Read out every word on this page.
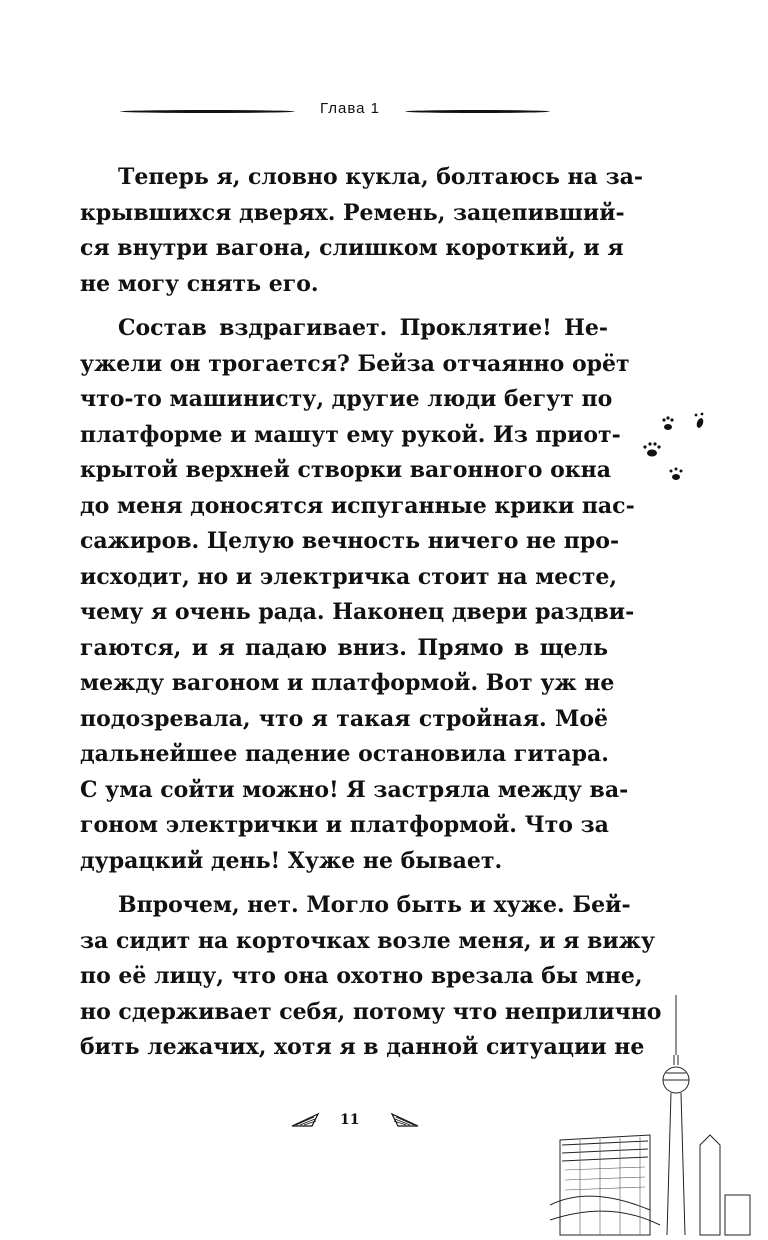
Глава 1
Теперь я, словно кукла, болтаюсь на за-
крывшихся дверях. Ремень, зацепивший-
ся внутри вагона, слишком короткий, и я
не могу снять его.
Состав вздрагивает. Проклятие! Не-
ужели он трогается? Бейза отчаянно орёт
что-то машинисту, другие люди бегут по
платформе и машут ему рукой. Из приот-
крытой верхней створки вагонного окна
до меня доносятся испуганные крики пас-
сажиров. Целую вечность ничего не про-
исходит, но и электричка стоит на месте,
чему я очень рада. Наконец двери раздви-
гаются, и я падаю вниз. Прямо в щель
между вагоном и платформой. Вот уж не
подозревала, что я такая стройная. Моё
дальнейшее падение остановила гитара.
С ума сойти можно! Я застряла между ва-
гоном электрички и платформой. Что за
дурацкий день! Хуже не бывает.
Впрочем, нет. Могло быть и хуже. Бей-
за сидит на корточках возле меня, и я вижу
по её лицу, что она охотно врезала бы мне,
но сдерживает себя, потому что неприлично
бить лежачих, хотя я в данной ситуации не
11
